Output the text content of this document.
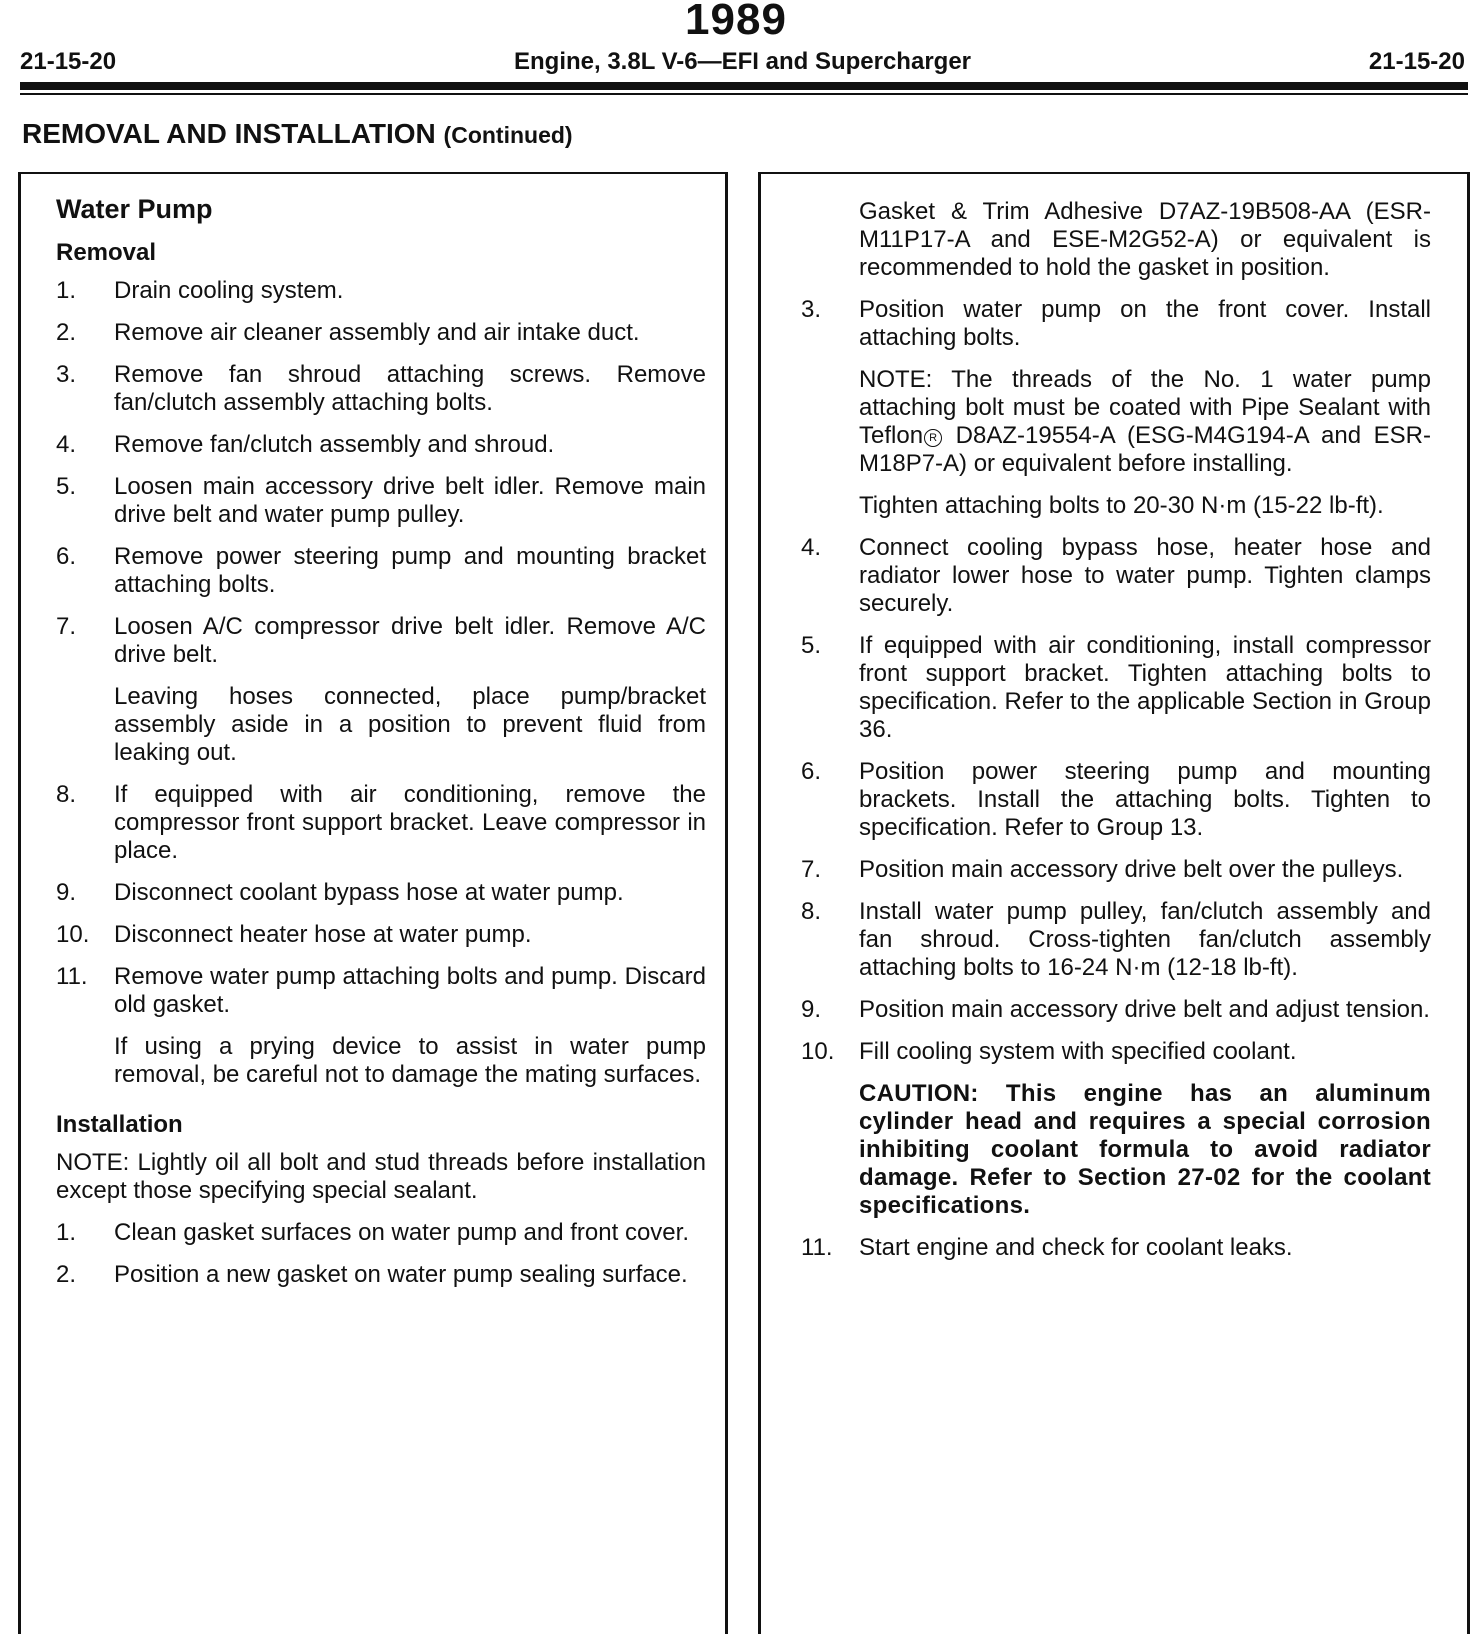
1989
21-15-20	Engine, 3.8L V-6—EFI and Supercharger	21-15-20
REMOVAL AND INSTALLATION (Continued)
Water Pump
Removal
1.	Drain cooling system.
2.	Remove air cleaner assembly and air intake duct.
3.	Remove fan shroud attaching screws. Remove fan/clutch assembly attaching bolts.
4.	Remove fan/clutch assembly and shroud.
5.	Loosen main accessory drive belt idler. Remove main drive belt and water pump pulley.
6.	Remove power steering pump and mounting bracket attaching bolts.
7.	Loosen A/C compressor drive belt idler. Remove A/C drive belt.
Leaving hoses connected, place pump/bracket assembly aside in a position to prevent fluid from leaking out.
8.	If equipped with air conditioning, remove the compressor front support bracket. Leave compressor in place.
9.	Disconnect coolant bypass hose at water pump.
10.	Disconnect heater hose at water pump.
11.	Remove water pump attaching bolts and pump. Discard old gasket.
If using a prying device to assist in water pump removal, be careful not to damage the mating surfaces.
Installation

NOTE: Lightly oil all bolt and stud threads before installation except those specifying special sealant.

1.	Clean gasket surfaces on water pump and front cover.
2.	Position a new gasket on water pump sealing surface.
Gasket & Trim Adhesive D7AZ-19B508-AA (ESR-M11P17-A and ESE-M2G52-A) or equivalent is recommended to hold the gasket in position.
3.	Position water pump on the front cover. Install attaching bolts.
NOTE: The threads of the No. 1 water pump attaching bolt must be coated with Pipe Sealant with Teflon R D8AZ-19554-A (ESG-M4G194-A and ESR-M18P7-A) or equivalent before installing.
Tighten attaching bolts to 20-30 N·m (15-22 lb-ft).
4.	Connect cooling bypass hose, heater hose and radiator lower hose to water pump. Tighten clamps securely.
5.	If equipped with air conditioning, install compressor front support bracket. Tighten attaching bolts to specification. Refer to the applicable Section in Group 36.
6.	Position power steering pump and mounting brackets. Install the attaching bolts. Tighten to specification. Refer to Group 13.
7.	Position main accessory drive belt over the pulleys.
8.	Install water pump pulley, fan/clutch assembly and fan shroud. Cross-tighten fan/clutch assembly attaching bolts to 16-24 N·m (12-18 lb-ft).
9.	Position main accessory drive belt and adjust tension.
10.	Fill cooling system with specified coolant.
CAUTION: This engine has an aluminum cylinder head and requires a special corrosion inhibiting coolant formula to avoid radiator damage. Refer to Section 27-02 for the coolant specifications.
11.	Start engine and check for coolant leaks.
